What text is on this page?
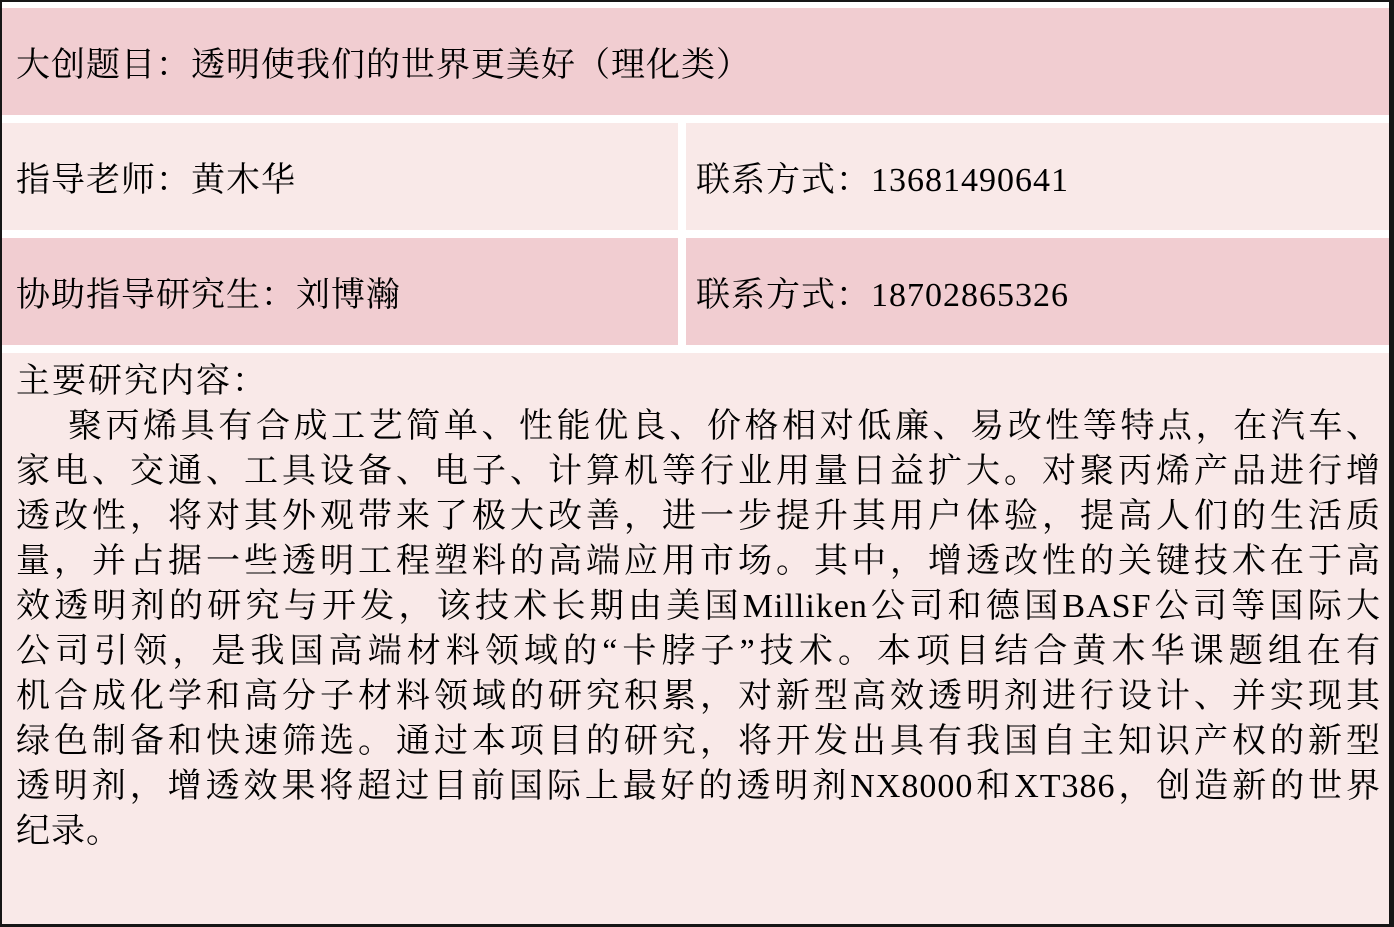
大创题目：透明使我们的世界更美好（理化类）
指导老师：黄木华	联系方式：13681490641
协助指导研究生：刘博瀚	联系方式：18702865326
主要研究内容：
聚丙烯具有合成工艺简单、性能优良、价格相对低廉、易改性等特点，在汽车、
家电、交通、工具设备、电子、计算机等行业用量日益扩大。对聚丙烯产品进行增
透改性，将对其外观带来了极大改善，进一步提升其用户体验，提高人们的生活质
量，并占据一些透明工程塑料的高端应用市场。其中，增透改性的关键技术在于高
效透明剂的研究与开发，该技术长期由美国Milliken公司和德国BASF公司等国际大
公司引领，是我国高端材料领域的“卡脖子”技术。本项目结合黄木华课题组在有
机合成化学和高分子材料领域的研究积累，对新型高效透明剂进行设计、并实现其
绿色制备和快速筛选。通过本项目的研究，将开发出具有我国自主知识产权的新型
透明剂，增透效果将超过目前国际上最好的透明剂NX8000和XT386，创造新的世界
纪录。
